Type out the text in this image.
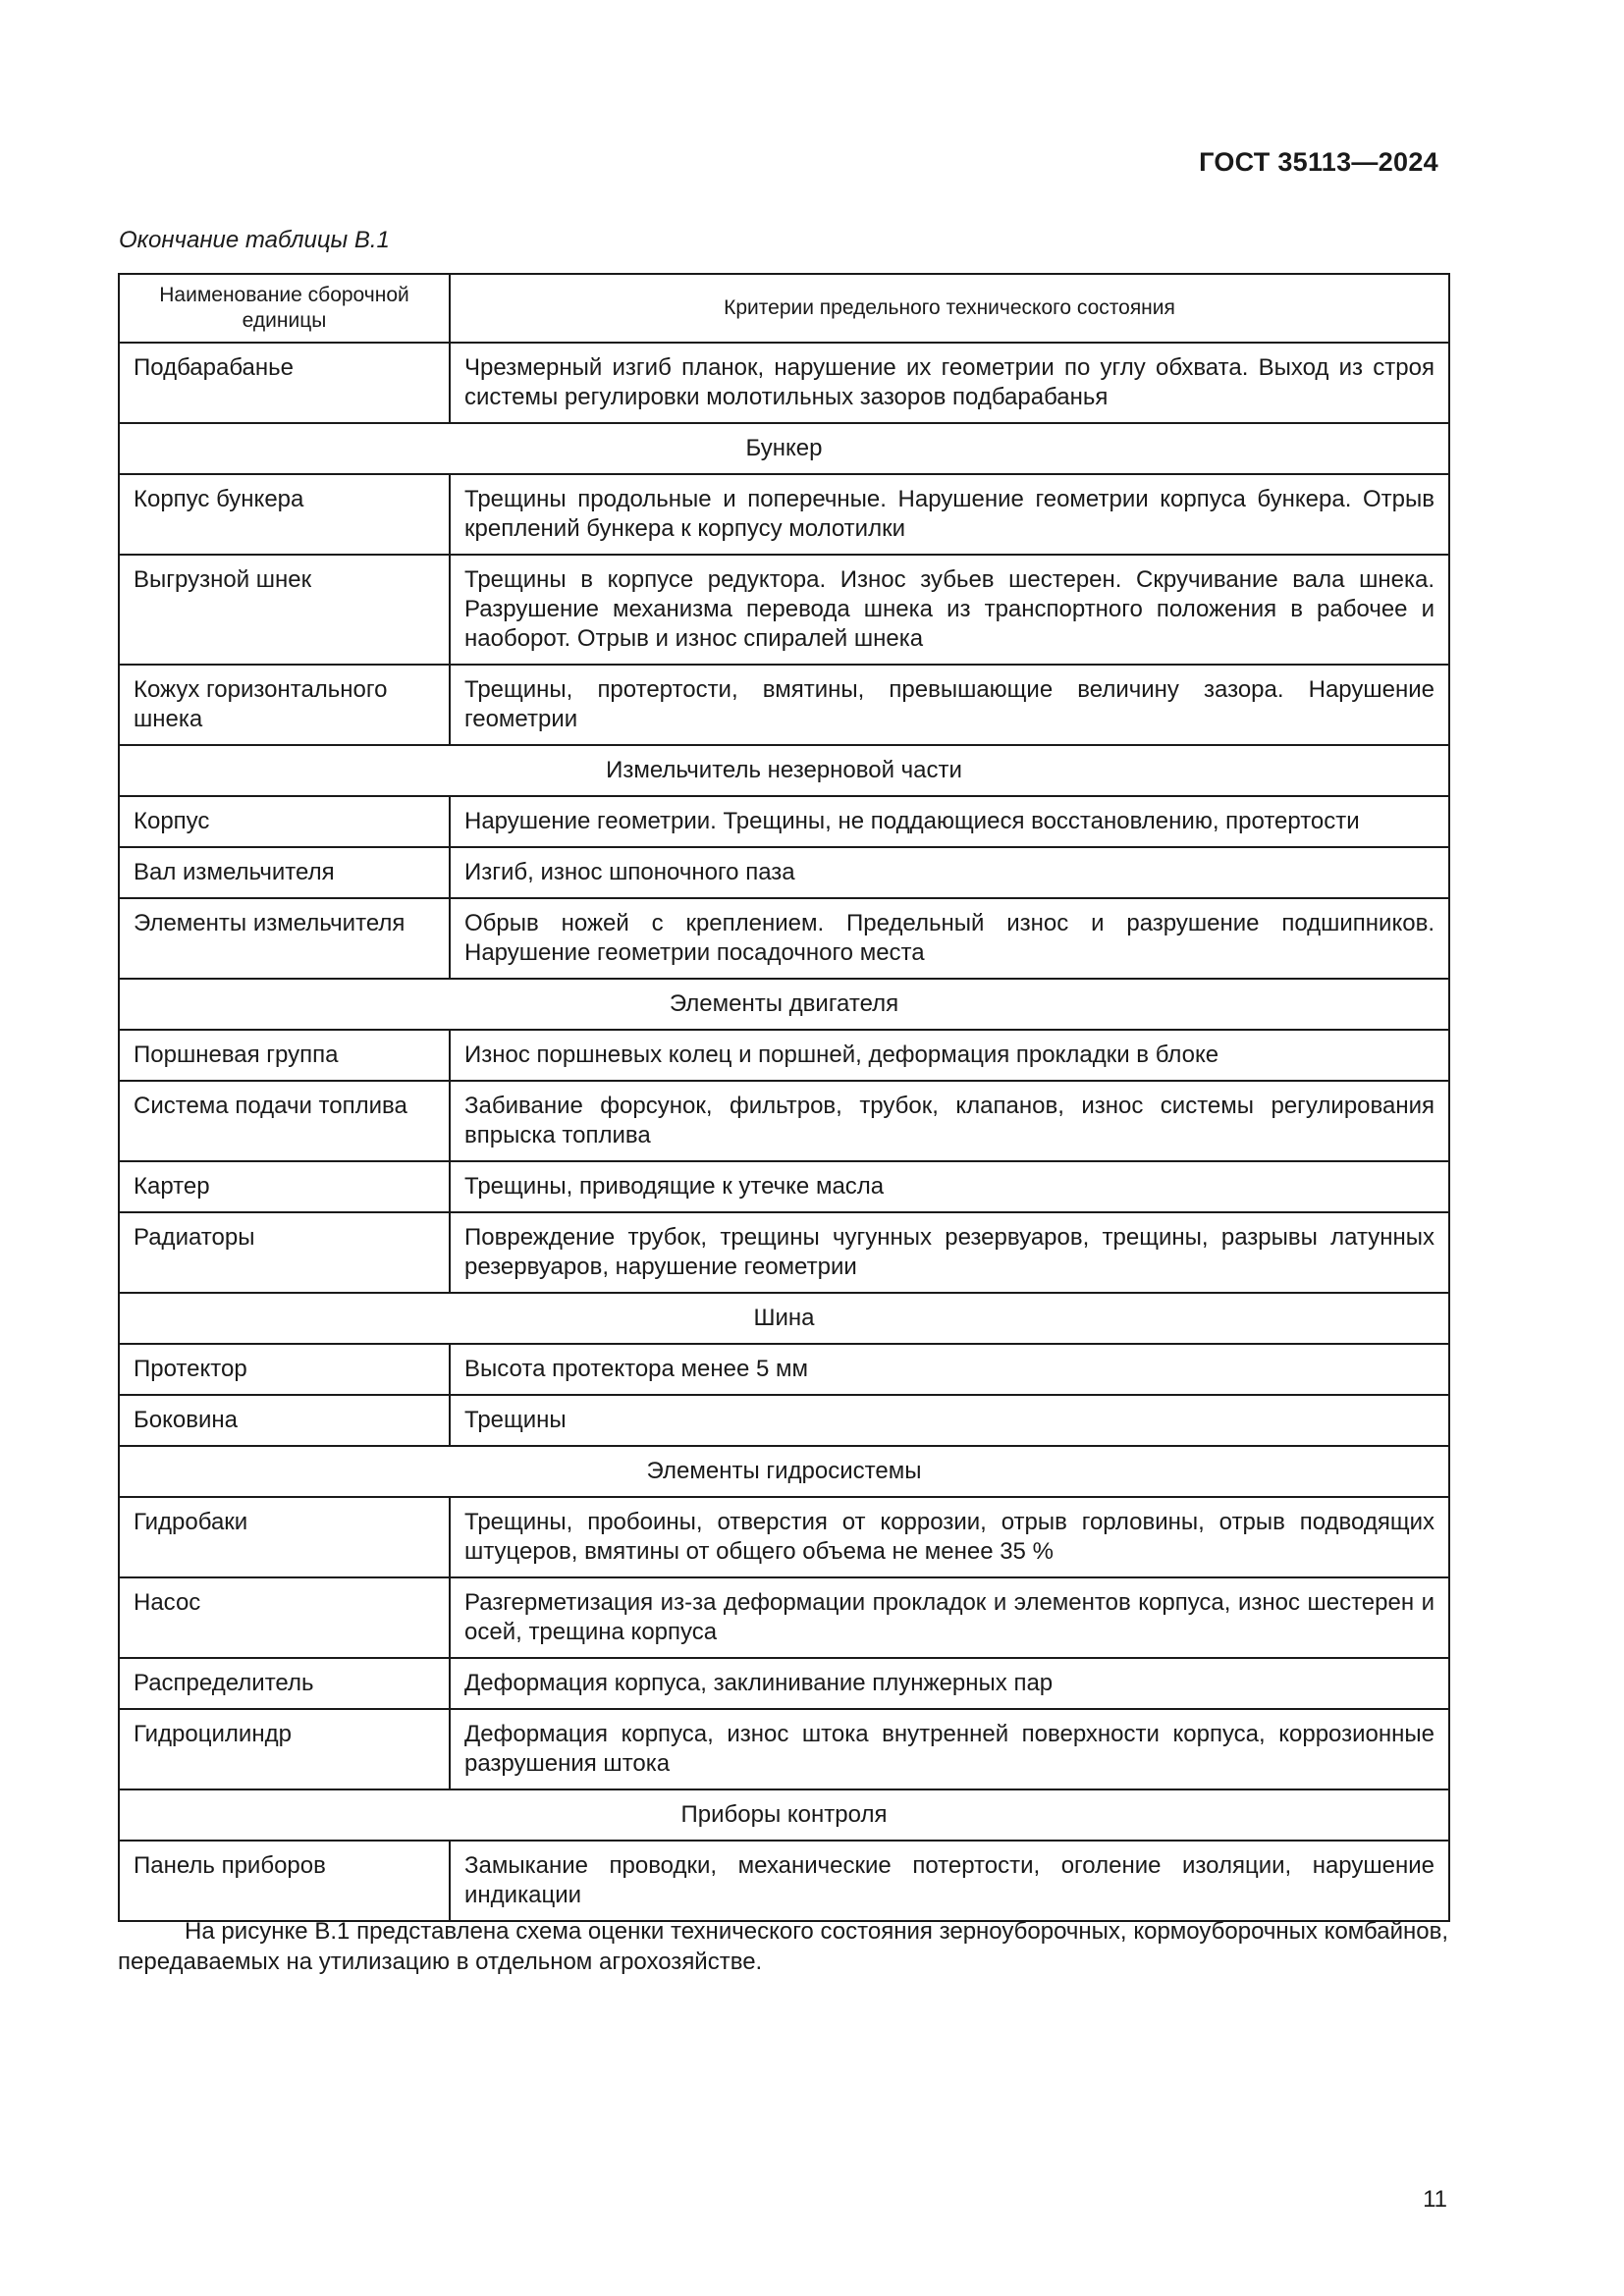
ГОСТ 35113—2024
Окончание таблицы В.1
Наименование сборочной единицы	Критерии предельного технического состояния
Подбарабанье	Чрезмерный изгиб планок, нарушение их геометрии по углу обхвата. Выход из строя системы регулировки молотильных зазоров подбарабанья
Бункер	
Корпус бункера	Трещины продольные и поперечные. Нарушение геометрии корпуса бункера. Отрыв креплений бункера к корпусу молотилки
Выгрузной шнек	Трещины в корпусе редуктора. Износ зубьев шестерен. Скручивание вала шнека. Разрушение механизма перевода шнека из транспортного положения в рабочее и наоборот. Отрыв и износ спиралей шнека
Кожух горизонтального шнека	Трещины, протертости, вмятины, превышающие величину зазора. Нарушение геометрии
Измельчитель незерновой части	
Корпус	Нарушение геометрии. Трещины, не поддающиеся восстановлению, протертости
Вал измельчителя	Изгиб, износ шпоночного паза
Элементы измельчителя	Обрыв ножей с креплением. Предельный износ и разрушение подшипников. Нарушение геометрии посадочного места
Элементы двигателя	
Поршневая группа	Износ поршневых колец и поршней, деформация прокладки в блоке
Система подачи топлива	Забивание форсунок, фильтров, трубок, клапанов, износ системы регулирования впрыска топлива
Картер	Трещины, приводящие к утечке масла
Радиаторы	Повреждение трубок, трещины чугунных резервуаров, трещины, разрывы латунных резервуаров, нарушение геометрии
Шина	
Протектор	Высота протектора менее 5 мм
Боковина	Трещины
Элементы гидросистемы	
Гидробаки	Трещины, пробоины, отверстия от коррозии, отрыв горловины, отрыв подводящих штуцеров, вмятины от общего объема не менее 35 %
Насос	Разгерметизация из-за деформации прокладок и элементов корпуса, износ шестерен и осей, трещина корпуса
Распределитель	Деформация корпуса, заклинивание плунжерных пар
Гидроцилиндр	Деформация корпуса, износ штока внутренней поверхности корпуса, коррозионные разрушения штока
Приборы контроля	
Панель приборов	Замыкание проводки, механические потертости, оголение изоляции, нарушение индикации

На рисунке В.1 представлена схема оценки технического состояния зерноуборочных, кормоуборочных комбайнов, передаваемых на утилизацию в отдельном агрохозяйстве.

11
